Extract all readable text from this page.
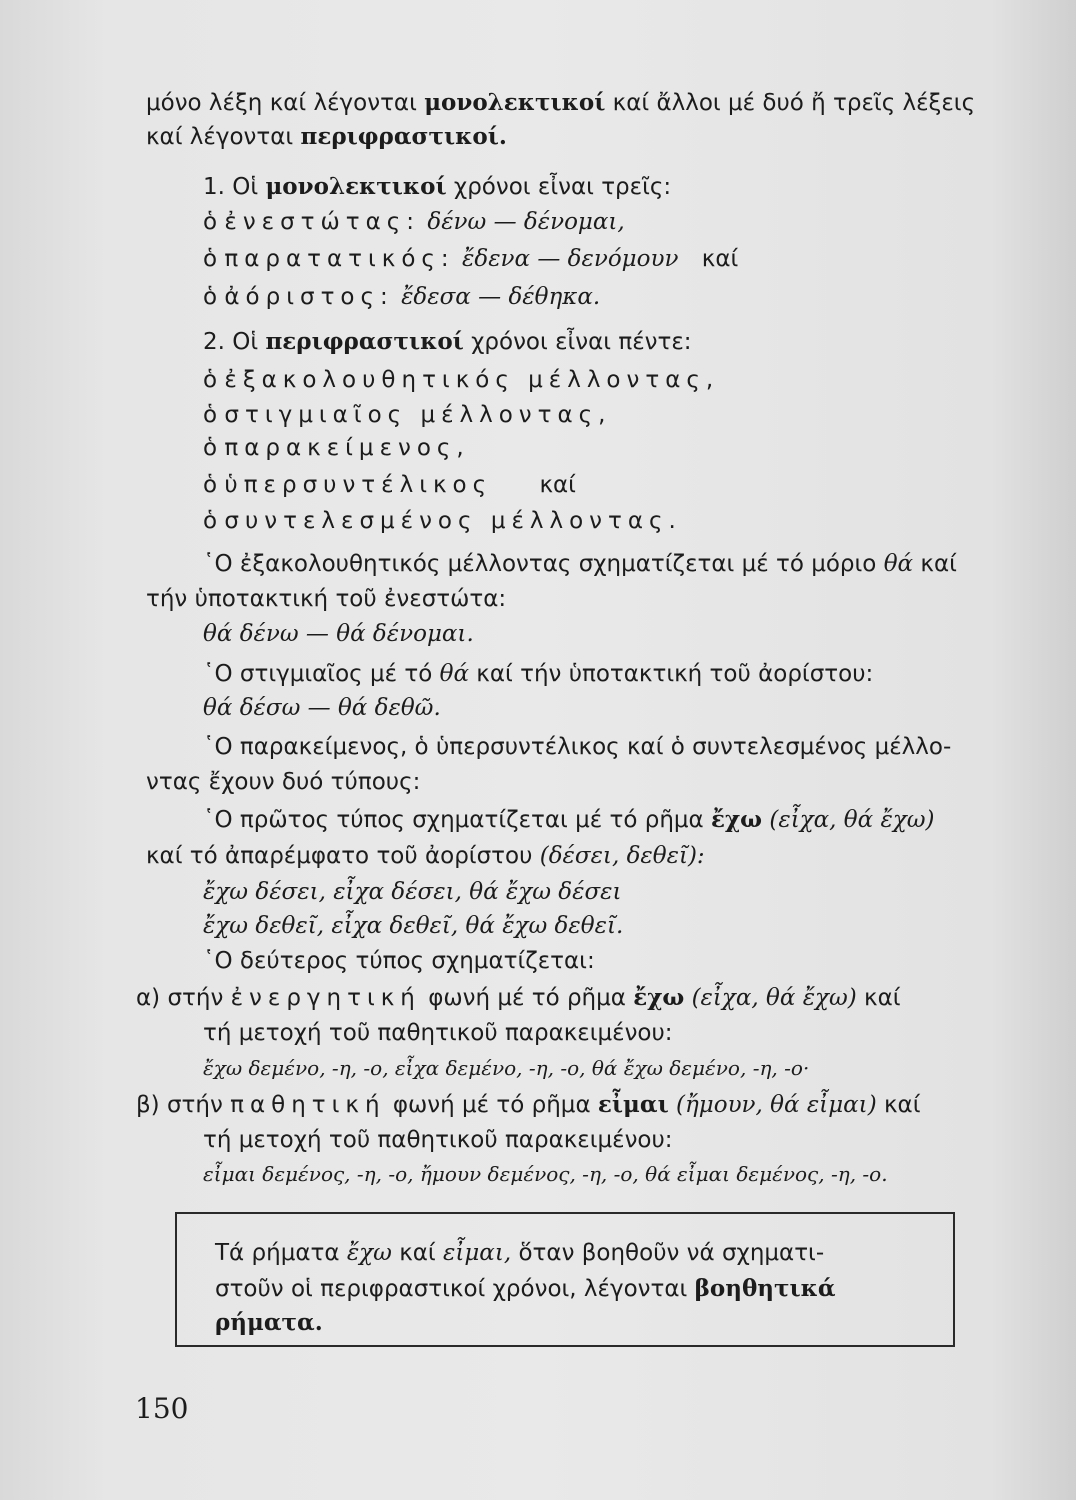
μόνο λέξη καί λέγονται μονολεκτικοί καί ἄλλοι μέ δυό ἤ τρεῖς λέξεις
καί λέγονται περιφραστικοί.
1. Οἱ μονολεκτικοί χρόνοι εἶναι τρεῖς:
ὁ ἐνεστώτας: δένω — δένομαι,
ὁ παρατατικός: ἔδενα — δενόμουν καί
ὁ ἀόριστος: ἔδεσα — δέθηκα.
2. Οἱ περιφραστικοί χρόνοι εἶναι πέντε:
ὁ ἐξακολουθητικός μέλλοντας,
ὁ στιγμιαῖος μέλλοντας,
ὁ παρακείμενος,
ὁ ὑπερσυντέλικος καί
ὁ συντελεσμένος μέλλοντας.
῾Ο ἐξακολουθητικός μέλλοντας σχηματίζεται μέ τό μόριο θά καί
τήν ὑποτακτική τοῦ ἐνεστώτα:
θά δένω — θά δένομαι.
῾Ο στιγμιαῖος μέ τό θά καί τήν ὑποτακτική τοῦ ἀορίστου:
θά δέσω — θά δεθῶ.
῾Ο παρακείμενος, ὁ ὑπερσυντέλικος καί ὁ συντελεσμένος μέλλο-
ντας ἔχουν δυό τύπους:
῾Ο πρῶτος τύπος σχηματίζεται μέ τό ρῆμα ἔχω (εἶχα, θά ἔχω)
καί τό ἀπαρέμφατο τοῦ ἀορίστου (δέσει, δεθεῖ):
ἔχω δέσει, εἶχα δέσει, θά ἔχω δέσει
ἔχω δεθεῖ, εἶχα δεθεῖ, θά ἔχω δεθεῖ.
῾Ο δεύτερος τύπος σχηματίζεται:
α) στήν ἐνεργητική φωνή μέ τό ρῆμα ἔχω (εἶχα, θά ἔχω) καί
τή μετοχή τοῦ παθητικοῦ παρακειμένου:
ἔχω δεμένο, -η, -ο, εἶχα δεμένο, -η, -ο, θά ἔχω δεμένο, -η, -ο·
β) στήν παθητική φωνή μέ τό ρῆμα εἶμαι (ἤμουν, θά εἶμαι) καί
τή μετοχή τοῦ παθητικοῦ παρακειμένου:
εἶμαι δεμένος, -η, -ο, ἤμουν δεμένος, -η, -ο, θά εἶμαι δεμένος, -η, -ο.
Τά ρήματα ἔχω καί εἶμαι, ὅταν βοηθοῦν νά σχηματι-
στοῦν οἱ περιφραστικοί χρόνοι, λέγονται βοηθητικά
ρήματα.
150
